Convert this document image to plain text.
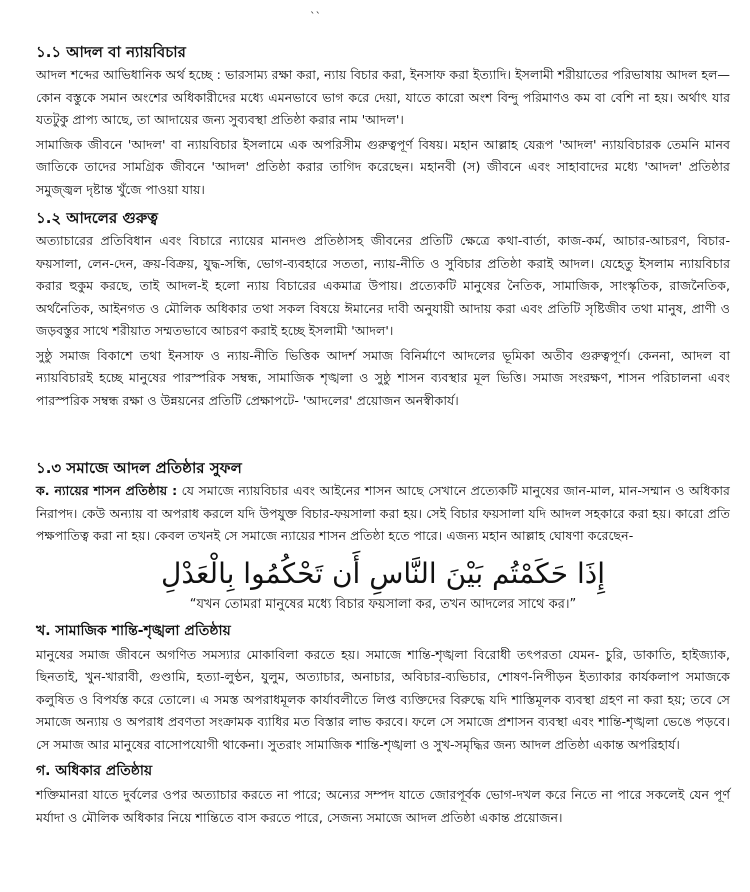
``
১.১ আদল বা ন্যায়বিচার

আদল শব্দের আভিধানিক অর্থ হচ্ছে : ভারসাম্য রক্ষা করা, ন্যায় বিচার করা, ইনসাফ করা ইত্যাদি। ইসলামী শরীয়াতের পরিভাষায় আদল হল— কোন বস্তুকে সমান অংশের অধিকারীদের মধ্যে এমনভাবে ভাগ করে দেয়া, যাতে কারো অংশ বিন্দু পরিমাণও কম বা বেশি না হয়। অর্থাৎ যার যতটুকু প্রাপ্য আছে, তা আদায়ের জন্য সুব্যবস্থা প্রতিষ্ঠা করার নাম 'আদল'।

সামাজিক জীবনে 'আদল' বা ন্যায়বিচার ইসলামে এক অপরিসীম গুরুত্বপূর্ণ বিষয়। মহান আল্লাহ যেরূপ 'আদল' ন্যায়বিচারক তেমনি মানব জাতিকে তাদের সামগ্রিক জীবনে 'আদল' প্রতিষ্ঠা করার তাগিদ করেছেন। মহানবী (স) জীবনে এবং সাহাবাদের মধ্যে 'আদল' প্রতিষ্ঠার সমুজ্জ্বল দৃষ্টান্ত খুঁজে পাওয়া যায়।

১.২ আদলের গুরুত্ব

অত্যাচারের প্রতিবিধান এবং বিচারে ন্যায়ের মানদণ্ড প্রতিষ্ঠাসহ জীবনের প্রতিটি ক্ষেত্রে কথা-বার্তা, কাজ-কর্ম, আচার-আচরণ, বিচার-ফয়সালা, লেন-দেন, ক্রয়-বিক্রয়, যুদ্ধ-সন্ধি, ভোগ-ব্যবহারে সততা, ন্যায়-নীতি ও সুবিচার প্রতিষ্ঠা করাই আদল। যেহেতু ইসলাম ন্যায়বিচার করার হুকুম করছে, তাই আদল-ই হলো ন্যায় বিচারের একমাত্র উপায়। প্রত্যেকটি মানুষের নৈতিক, সামাজিক, সাংস্কৃতিক, রাজনৈতিক, অর্থনৈতিক, আইনগত ও মৌলিক অধিকার তথা সকল বিষয়ে ঈমানের দাবী অনুযায়ী আদায় করা এবং প্রতিটি সৃষ্টিজীব তথা মানুষ, প্রাণী ও জড়বস্তুর সাথে শরীয়াত সম্মতভাবে আচরণ করাই হচ্ছে ইসলামী 'আদল'।

সুষ্ঠু সমাজ বিকাশে তথা ইনসাফ ও ন্যায়-নীতি ভিত্তিক আদর্শ সমাজ বিনির্মাণে আদলের ভূমিকা অতীব গুরুত্বপূর্ণ। কেননা, আদল বা ন্যায়বিচারই হচ্ছে মানুষের পারস্পরিক সম্বন্ধ, সামাজিক শৃঙ্খলা ও সুষ্ঠু শাসন ব্যবস্থার মূল ভিত্তি। সমাজ সংরক্ষণ, শাসন পরিচালনা এবং পারস্পরিক সম্বন্ধ রক্ষা ও উন্নয়নের প্রতিটি প্রেক্ষাপটে- 'আদলের' প্রয়োজন অনস্বীকার্য।

১.৩ সমাজে আদল প্রতিষ্ঠার সুফল

ক. ন্যায়ের শাসন প্রতিষ্ঠায় : যে সমাজে ন্যায়বিচার এবং আইনের শাসন আছে সেখানে প্রত্যেকটি মানুষের জান-মাল, মান-সম্মান ও অধিকার নিরাপদ। কেউ অন্যায় বা অপরাধ করলে যদি উপযুক্ত বিচার-ফয়সালা করা হয়। সেই বিচার ফয়সালা যদি আদল সহকারে করা হয়। কারো প্রতি পক্ষপাতিত্ব করা না হয়। কেবল তখনই সে সমাজে ন্যায়ের শাসন প্রতিষ্ঠা হতে পারে। এজন্য মহান আল্লাহ ঘোষণা করেছেন-

إِذَا حَكَمْتُم بَيْنَ النَّاسِ أَن تَحْكُمُوا بِالْعَدْلِ

“যখন তোমরা মানুষের মধ্যে বিচার ফয়সালা কর, তখন আদলের সাথে কর।”

খ. সামাজিক শান্তি-শৃঙ্খলা প্রতিষ্ঠায়

মানুষের সমাজ জীবনে অগণিত সমস্যার মোকাবিলা করতে হয়। সমাজে শান্তি-শৃঙ্খলা বিরোধী তৎপরতা যেমন- চুরি, ডাকাতি, হাইজ্যাক, ছিনতাই, খুন-খারাবী, গুণ্ডামি, হত্যা-লুণ্ঠন, যুলুম, অত্যাচার, অনাচার, অবিচার-ব্যভিচার, শোষণ-নিপীড়ন ইত্যাকার কার্যকলাপ সমাজকে কলুষিত ও বিপর্যস্ত করে তোলে। এ সমস্ত অপরাধমূলক কার্যাবলীতে লিপ্ত ব্যক্তিদের বিরুদ্ধে যদি শাস্তিমূলক ব্যবস্থা গ্রহণ না করা হয়; তবে সে সমাজে অন্যায় ও অপরাধ প্রবণতা সংক্রামক ব্যাধির মত বিস্তার লাভ করবে। ফলে সে সমাজে প্রশাসন ব্যবস্থা এবং শান্তি-শৃঙ্খলা ভেঙে পড়বে। সে সমাজ আর মানুষের বাসোপযোগী থাকেনা। সুতরাং সামাজিক শান্তি-শৃঙ্খলা ও সুখ-সমৃদ্ধির জন্য আদল প্রতিষ্ঠা একান্ত অপরিহার্য।

গ. অধিকার প্রতিষ্ঠায়

শক্তিমানরা যাতে দুর্বলের ওপর অত্যাচার করতে না পারে; অন্যের সম্পদ যাতে জোরপূর্বক ভোগ-দখল করে নিতে না পারে সকলেই যেন পূর্ণ মর্যাদা ও মৌলিক অধিকার নিয়ে শান্তিতে বাস করতে পারে, সেজন্য সমাজে আদল প্রতিষ্ঠা একান্ত প্রয়োজন।
